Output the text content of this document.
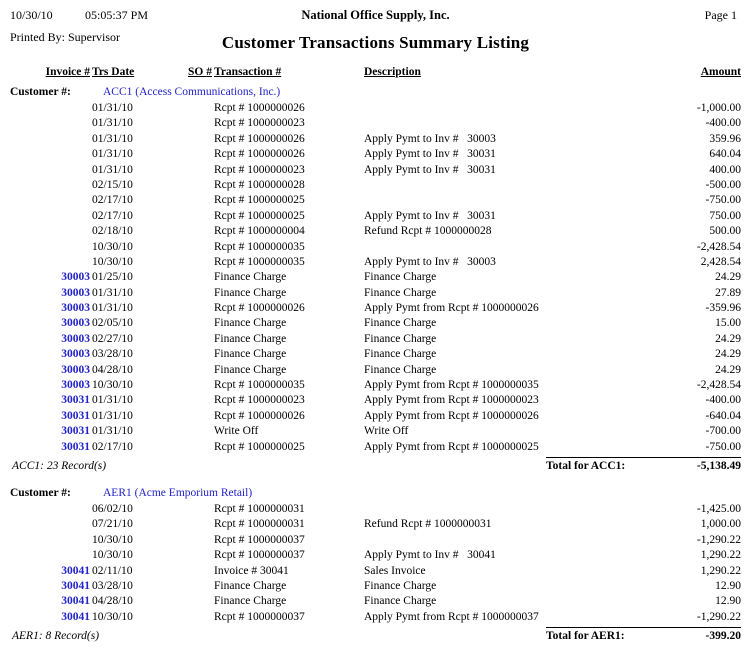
10/30/10	05:05:37 PM	National Office Supply, Inc.	Page 1
Printed By: Supervisor	Customer Transactions Summary Listing
Invoice # Trs Date	SO # Transaction #	Description	Amount
Customer #:	ACC1 (Access Communications, Inc.)
01/31/10	Rcpt # 1000000026	-1,000.00
01/31/10	Rcpt # 1000000023	-400.00
01/31/10	Rcpt # 1000000026	Apply Pymt to Inv #   30003	359.96
01/31/10	Rcpt # 1000000026	Apply Pymt to Inv #   30031	640.04
01/31/10	Rcpt # 1000000023	Apply Pymt to Inv #   30031	400.00
02/15/10	Rcpt # 1000000028	-500.00
02/17/10	Rcpt # 1000000025	-750.00
02/17/10	Rcpt # 1000000025	Apply Pymt to Inv #   30031	750.00
02/18/10	Rcpt # 1000000004	Refund Rcpt # 1000000028	500.00
10/30/10	Rcpt # 1000000035	-2,428.54
10/30/10	Rcpt # 1000000035	Apply Pymt to Inv #   30003	2,428.54
30003 01/25/10	Finance Charge	Finance Charge	24.29
30003 01/31/10	Finance Charge	Finance Charge	27.89
30003 01/31/10	Rcpt # 1000000026	Apply Pymt from Rcpt # 1000000026	-359.96
30003 02/05/10	Finance Charge	Finance Charge	15.00
30003 02/27/10	Finance Charge	Finance Charge	24.29
30003 03/28/10	Finance Charge	Finance Charge	24.29
30003 04/28/10	Finance Charge	Finance Charge	24.29
30003 10/30/10	Rcpt # 1000000035	Apply Pymt from Rcpt # 1000000035	-2,428.54
30031 01/31/10	Rcpt # 1000000023	Apply Pymt from Rcpt # 1000000023	-400.00
30031 01/31/10	Rcpt # 1000000026	Apply Pymt from Rcpt # 1000000026	-640.04
30031 01/31/10	Write Off	Write Off	-700.00
30031 02/17/10	Rcpt # 1000000025	Apply Pymt from Rcpt # 1000000025	-750.00
ACC1: 23 Record(s)	Total for ACC1:	-5,138.49
Customer #:	AER1 (Acme Emporium Retail)
06/02/10	Rcpt # 1000000031	-1,425.00
07/21/10	Rcpt # 1000000031	Refund Rcpt # 1000000031	1,000.00
10/30/10	Rcpt # 1000000037	-1,290.22
10/30/10	Rcpt # 1000000037	Apply Pymt to Inv #   30041	1,290.22
30041 02/11/10	Invoice # 30041	Sales Invoice	1,290.22
30041 03/28/10	Finance Charge	Finance Charge	12.90
30041 04/28/10	Finance Charge	Finance Charge	12.90
30041 10/30/10	Rcpt # 1000000037	Apply Pymt from Rcpt # 1000000037	-1,290.22
AER1: 8 Record(s)	Total for AER1:	-399.20
